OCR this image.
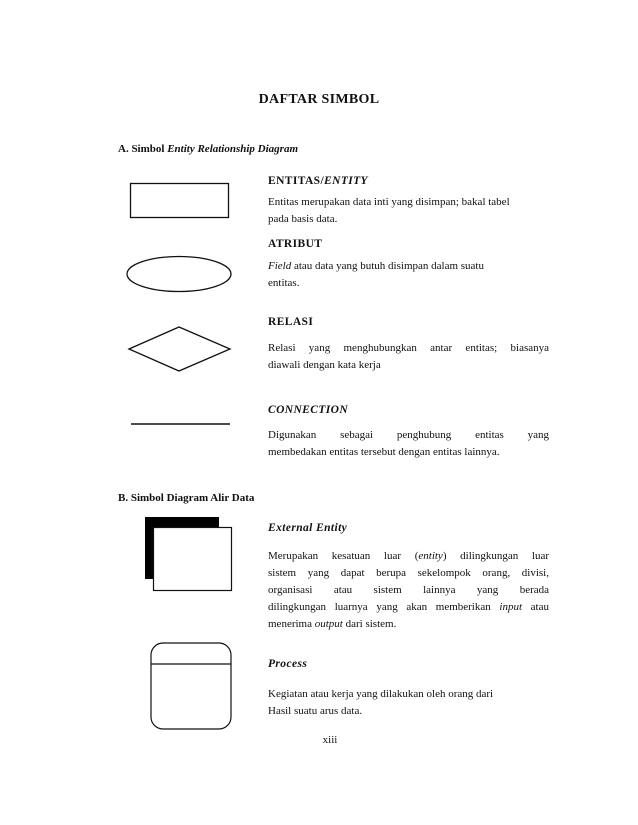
DAFTAR SIMBOL
A. Simbol Entity Relationship Diagram
ENTITAS/ENTITY
Entitas merupakan data inti yang disimpan; bakal tabel
pada basis data.
ATRIBUT
Field atau data yang butuh disimpan dalam suatu
entitas.
RELASI
Relasi yang menghubungkan antar entitas; biasanya
diawali dengan kata kerja
CONNECTION
Digunakan sebagai penghubung entitas yang
membedakan entitas tersebut dengan entitas lainnya.
B. Simbol Diagram Alir Data
External Entity
Merupakan kesatuan luar (entity) dilingkungan luar
sistem yang dapat berupa sekelompok orang, divisi,
organisasi atau sistem lainnya yang berada
dilingkungan luarnya yang akan memberikan input atau
menerima output dari sistem.
Process
Kegiatan atau kerja yang dilakukan oleh orang dari
Hasil suatu arus data.
xiii
